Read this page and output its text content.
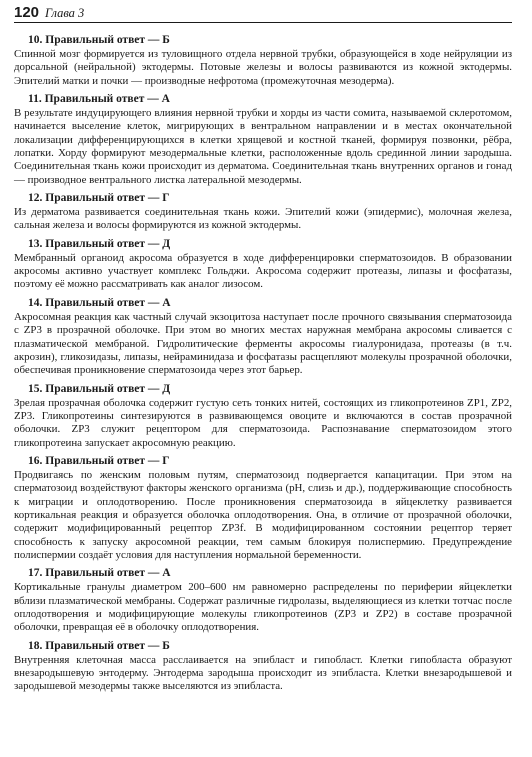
120 Глава 3

10. Правильный ответ — Б

Спинной мозг формируется из туловищного отдела нервной трубки, образующейся в ходе нейруляции из дорсальной (нейральной) эктодермы. Потовые железы и волосы развиваются из кожной эктодермы. Эпителий матки и почки — производные нефротома (промежуточная мезодерма).

11. Правильный ответ — А

В результате индуцирующего влияния нервной трубки и хорды из части сомита, называемой склеротомом, начинается выселение клеток, мигрирующих в вентральном направлении и в местах окончательной локализации дифференцирующихся в клетки хрящевой и костной тканей, формируя позвонки, рёбра, лопатки. Хорду формируют мезодермальные клетки, расположенные вдоль срединной линии зародыша. Соединительная ткань кожи происходит из дерматома. Соединительная ткань внутренних органов и гонад — производное вентрального листка латеральной мезодермы.

12. Правильный ответ — Г

Из дерматома развивается соединительная ткань кожи. Эпителий кожи (эпидермис), молочная железа, сальная железа и волосы формируются из кожной эктодермы.

13. Правильный ответ — Д

Мембранный органоид акросома образуется в ходе дифференцировки сперматозоидов. В образовании акросомы активно участвует комплекс Гольджи. Акросома содержит протеазы, липазы и фосфатазы, поэтому её можно рассматривать как аналог лизосом.

14. Правильный ответ — А

Акросомная реакция как частный случай экзоцитоза наступает после прочного связывания сперматозоида с ZP3 в прозрачной оболочке. При этом во многих местах наружная мембрана акросомы сливается с плазматической мембраной. Гидролитические ферменты акросомы гиалуронидаза, протеазы (в т.ч. акрозин), гликозидазы, липазы, нейраминидаза и фосфатазы расщепляют молекулы прозрачной оболочки, обеспечивая проникновение сперматозоида через этот барьер.

15. Правильный ответ — Д

Зрелая прозрачная оболочка содержит густую сеть тонких нитей, состоящих из гликопротеинов ZP1, ZP2, ZP3. Гликопротеины синтезируются в развивающемся овоците и включаются в состав прозрачной оболочки. ZP3 служит рецептором для сперматозоида. Распознавание сперматозоидом этого гликопротеина запускает акросомную реакцию.

16. Правильный ответ — Г

Продвигаясь по женским половым путям, сперматозоид подвергается капацитации. При этом на сперматозоид воздействуют факторы женского организма (рН, слизь и др.), поддерживающие способность к миграции и оплодотворению. После проникновения сперматозоида в яйцеклетку развивается кортикальная реакция и образуется оболочка оплодотворения. Она, в отличие от прозрачной оболочки, содержит модифицированный рецептор ZP3f. В модифицированном состоянии рецептор теряет способность к запуску акросомной реакции, тем самым блокируя полиспермию. Предупреждение полиспермии создаёт условия для наступления нормальной беременности.

17. Правильный ответ — А

Кортикальные гранулы диаметром 200–600 нм равномерно распределены по периферии яйцеклетки вблизи плазматической мембраны. Содержат различные гидролазы, выделяющиеся из клетки тотчас после оплодотворения и модифицирующие молекулы гликопротеинов (ZP3 и ZP2) в составе прозрачной оболочки, превращая её в оболочку оплодотворения.

18. Правильный ответ — Б

Внутренняя клеточная масса расслаивается на эпибласт и гипобласт. Клетки гипобласта образуют внезародышевую энтодерму. Энтодерма зародыша происходит из эпибласта. Клетки внезародышевой и зародышевой мезодермы также выселяются из эпибласта.
